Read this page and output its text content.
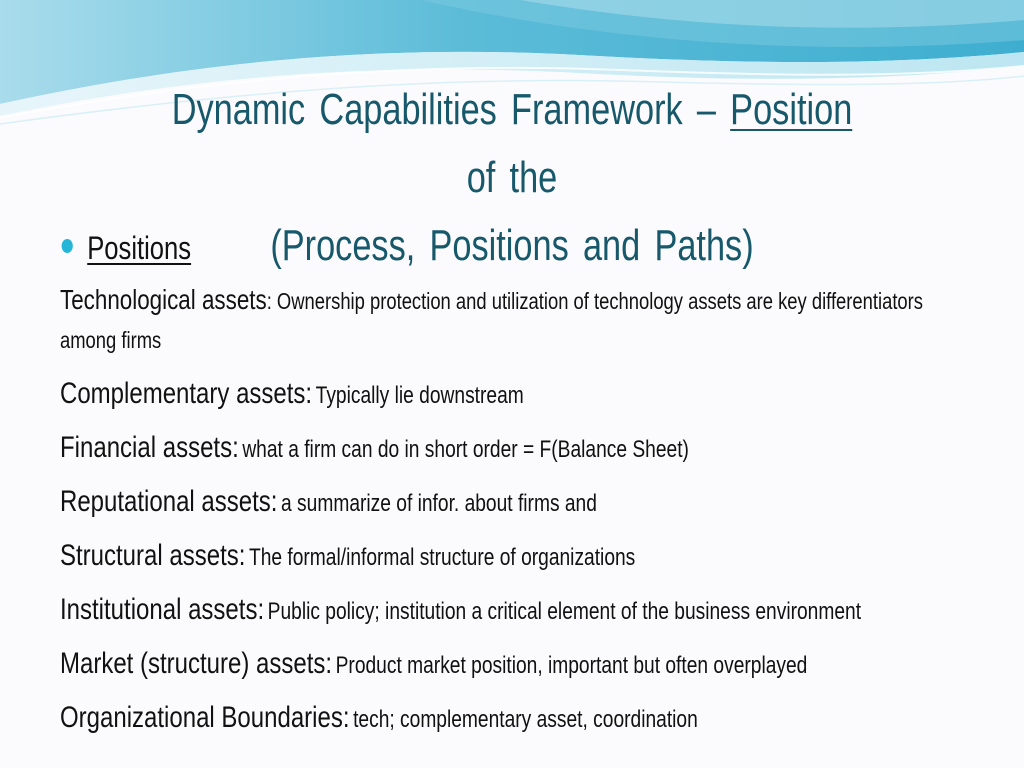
Dynamic Capabilities Framework – Position of the
(Process, Positions and Paths)
Positions

Technological assets: Ownership protection and utilization of technology assets are key differentiators

among firms

Complementary assets: Typically lie downstream

Financial assets: what a firm can do in short order = F(Balance Sheet)

Reputational assets: a summarize of infor. about firms and

Structural assets: The formal/informal structure of organizations

Institutional assets: Public policy; institution a critical element of the business environment

Market (structure) assets: Product market position, important but often overplayed

Organizational Boundaries: tech; complementary asset, coordination
